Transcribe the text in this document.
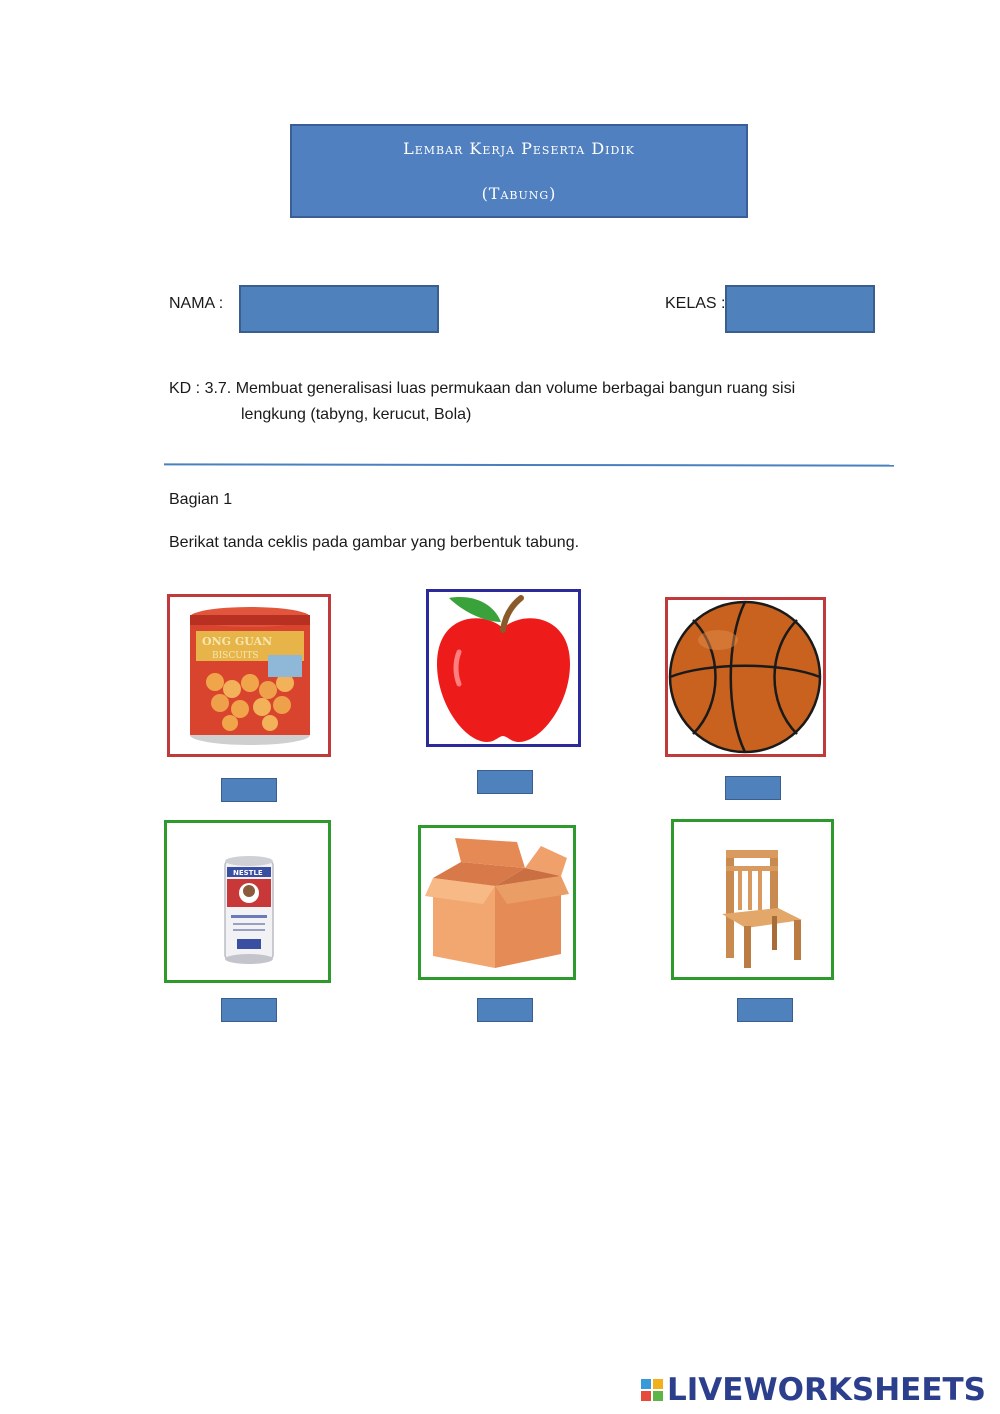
Lembar Kerja Peserta Didik
(Tabung)
NAMA :	KELAS :
KD : 3.7. Membuat generalisasi luas permukaan dan volume berbagai bangun ruang sisi
lengkung (tabyng, kerucut, Bola)
Bagian 1
Berikat tanda ceklis pada gambar yang berbentuk tabung.
ONG GUAN
BISCUITS
NESTLE
LIVEWORKSHEETS
